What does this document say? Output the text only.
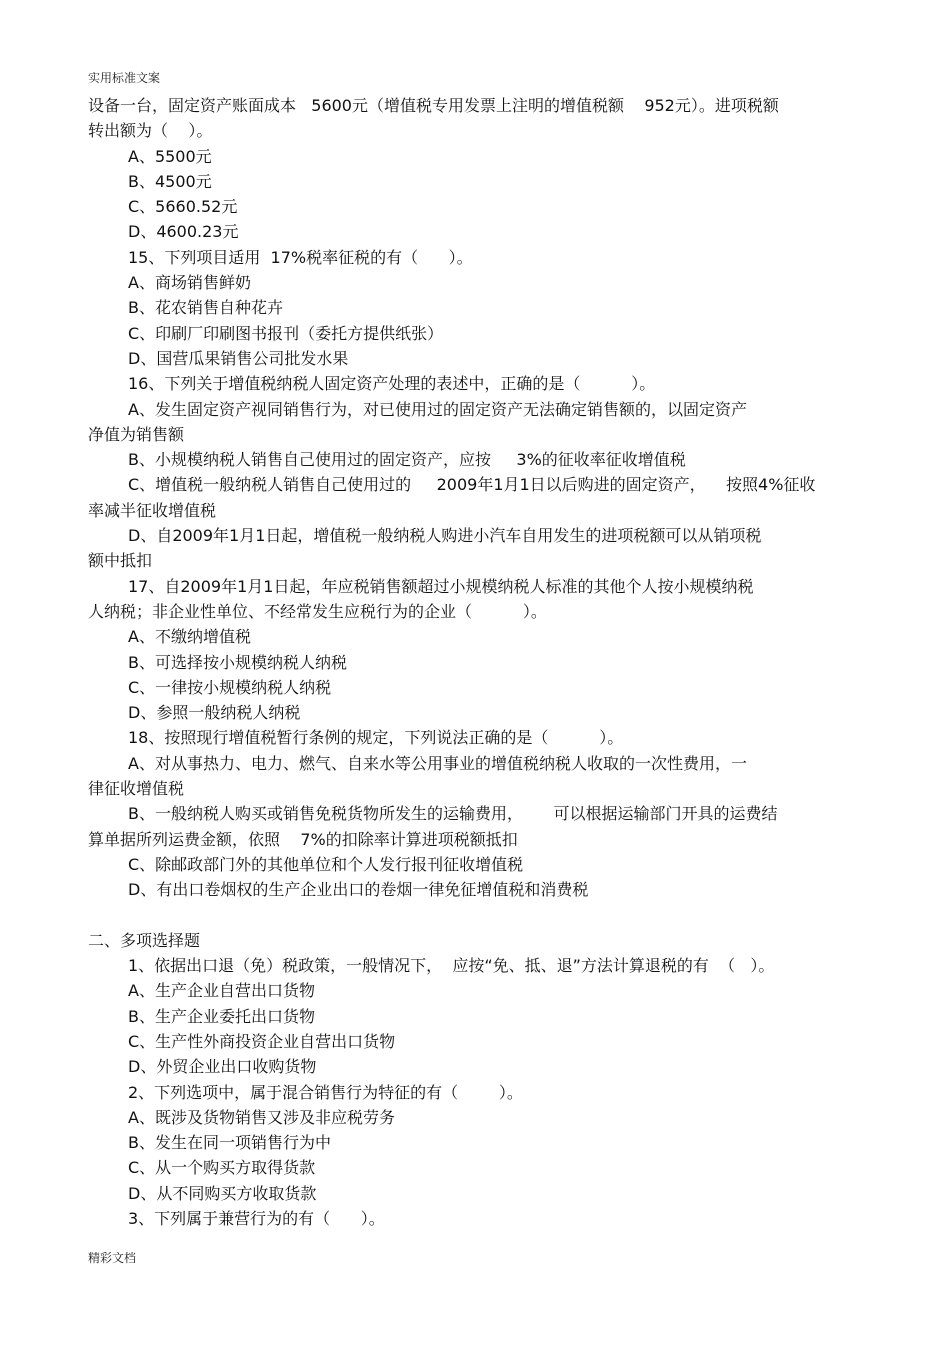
实用标准文案
设备一台，固定资产账面成本   5600元（增值税专用发票上注明的增值税额    952元）。进项税额
转出额为（    ）。
A、5500元
B、4500元
C、5660.52元
D、4600.23元
15、下列项目适用  17%税率征税的有（      ）。
A、商场销售鲜奶
B、花农销售自种花卉
C、印刷厂印刷图书报刊（委托方提供纸张）
D、国营瓜果销售公司批发水果
16、下列关于增值税纳税人固定资产处理的表述中，正确的是（          ）。
A、发生固定资产视同销售行为，对已使用过的固定资产无法确定销售额的，以固定资产
净值为销售额
B、小规模纳税人销售自己使用过的固定资产，应按     3%的征收率征收增值税
C、增值税一般纳税人销售自己使用过的     2009年1月1日以后购进的固定资产，    按照4%征收
率减半征收增值税
D、自2009年1月1日起，增值税一般纳税人购进小汽车自用发生的进项税额可以从销项税
额中抵扣
17、自2009年1月1日起，年应税销售额超过小规模纳税人标准的其他个人按小规模纳税
人纳税；非企业性单位、不经常发生应税行为的企业（          ）。
A、不缴纳增值税
B、可选择按小规模纳税人纳税
C、一律按小规模纳税人纳税
D、参照一般纳税人纳税
18、按照现行增值税暂行条例的规定，下列说法正确的是（          ）。
A、对从事热力、电力、燃气、自来水等公用事业的增值税纳税人收取的一次性费用，一
律征收增值税
B、一般纳税人购买或销售免税货物所发生的运输费用，      可以根据运输部门开具的运费结
算单据所列运费金额，依照    7%的扣除率计算进项税额抵扣
C、除邮政部门外的其他单位和个人发行报刊征收增值税
D、有出口卷烟权的生产企业出口的卷烟一律免征增值税和消费税
二、多项选择题
1、依据出口退（免）税政策，一般情况下，  应按“免、抵、退”方法计算退税的有  （   ）。
A、生产企业自营出口货物
B、生产企业委托出口货物
C、生产性外商投资企业自营出口货物
D、外贸企业出口收购货物
2、下列选项中，属于混合销售行为特征的有（        ）。
A、既涉及货物销售又涉及非应税劳务
B、发生在同一项销售行为中
C、从一个购买方取得货款
D、从不同购买方收取货款
3、下列属于兼营行为的有（      ）。
精彩文档
